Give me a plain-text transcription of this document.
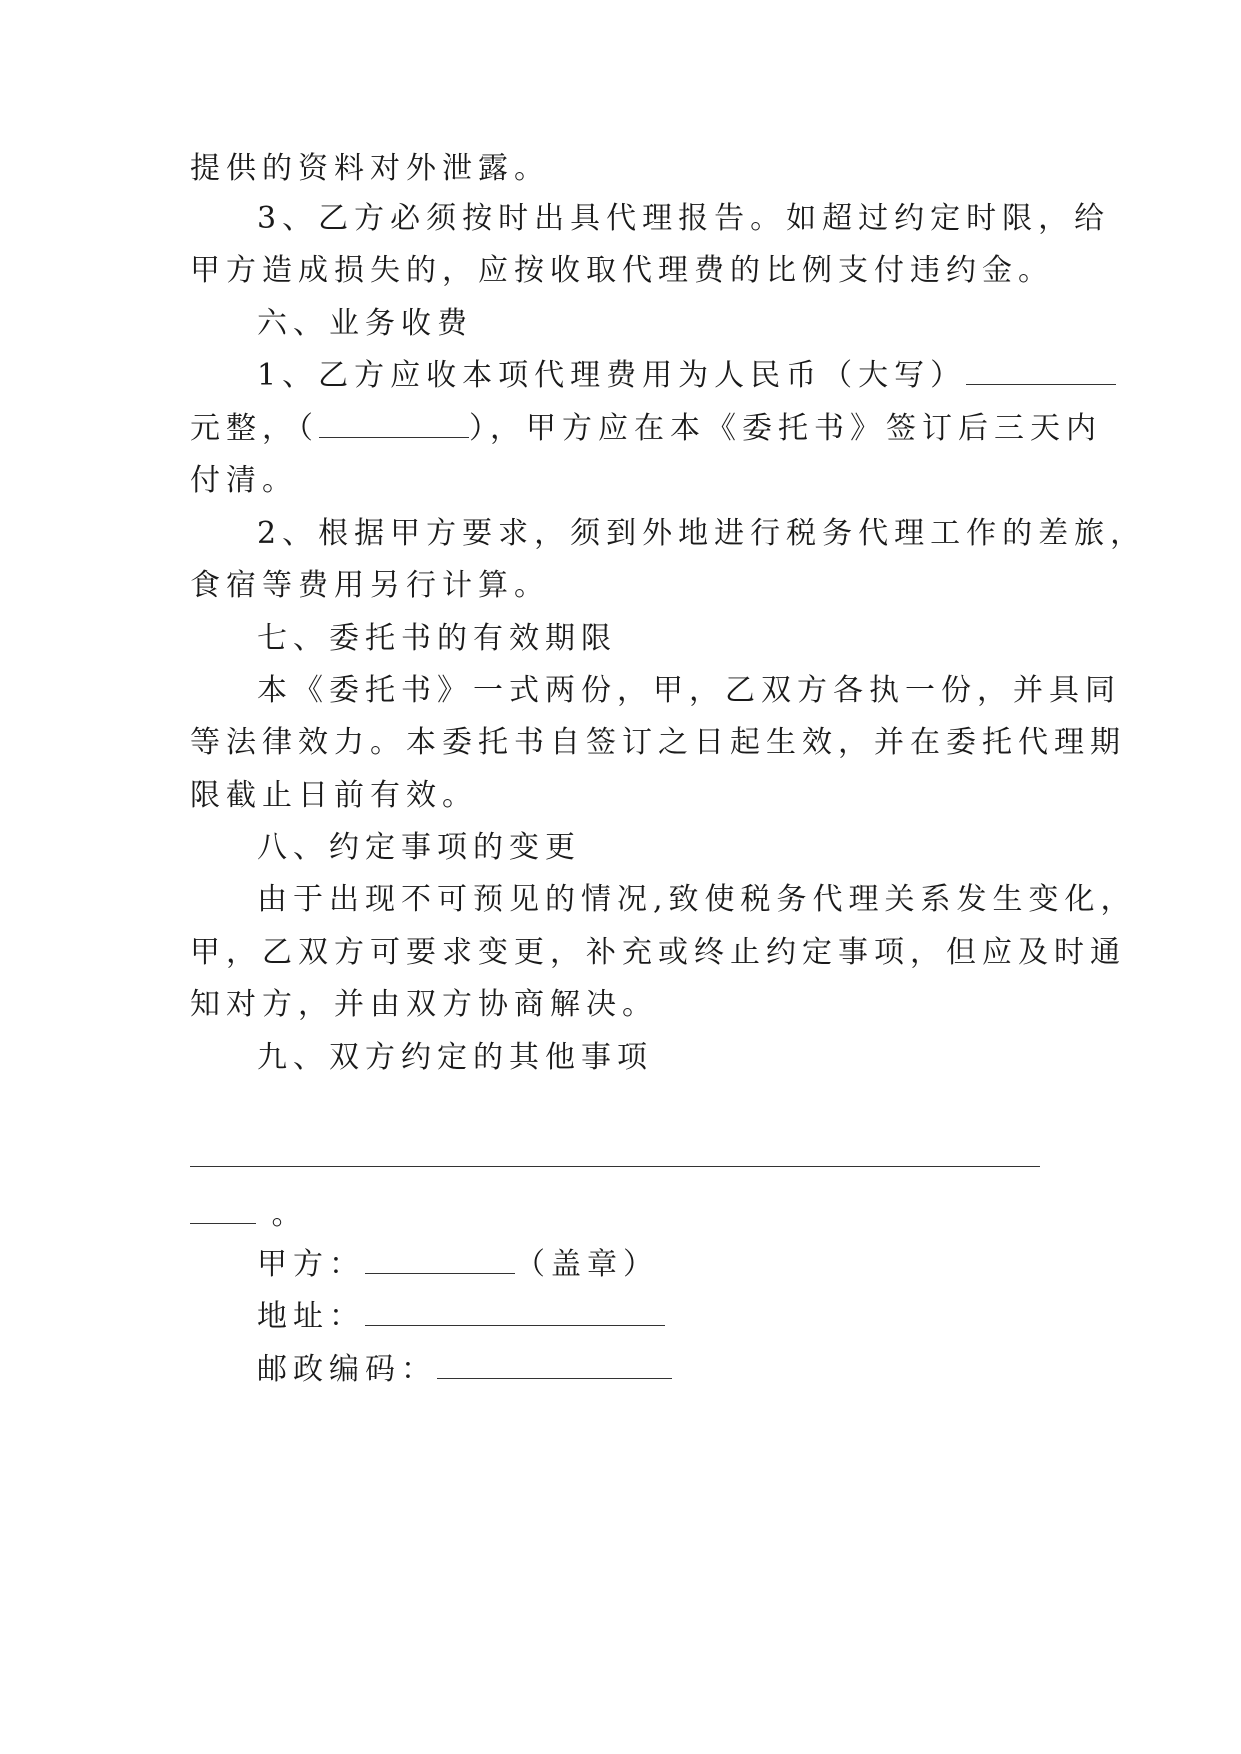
提供的资料对外泄露。
3、乙方必须按时出具代理报告。如超过约定时限，给
甲方造成损失的，应按收取代理费的比例支付违约金。
六、业务收费
1、乙方应收本项代理费用为人民币（大写）
元整，（	），甲方应在本《委托书》签订后三天内
付清。
2、根据甲方要求，须到外地进行税务代理工作的差旅，
食宿等费用另行计算。
七、委托书的有效期限
本《委托书》一式两份，甲，乙双方各执一份，并具同
等法律效力。本委托书自签订之日起生效，并在委托代理期
限截止日前有效。
八、约定事项的变更
由于出现不可预见的情况,致使税务代理关系发生变化，
甲，乙双方可要求变更，补充或终止约定事项，但应及时通
知对方，并由双方协商解决。
九、双方约定的其他事项
。
甲方：	（盖章）
地址：
邮政编码：
